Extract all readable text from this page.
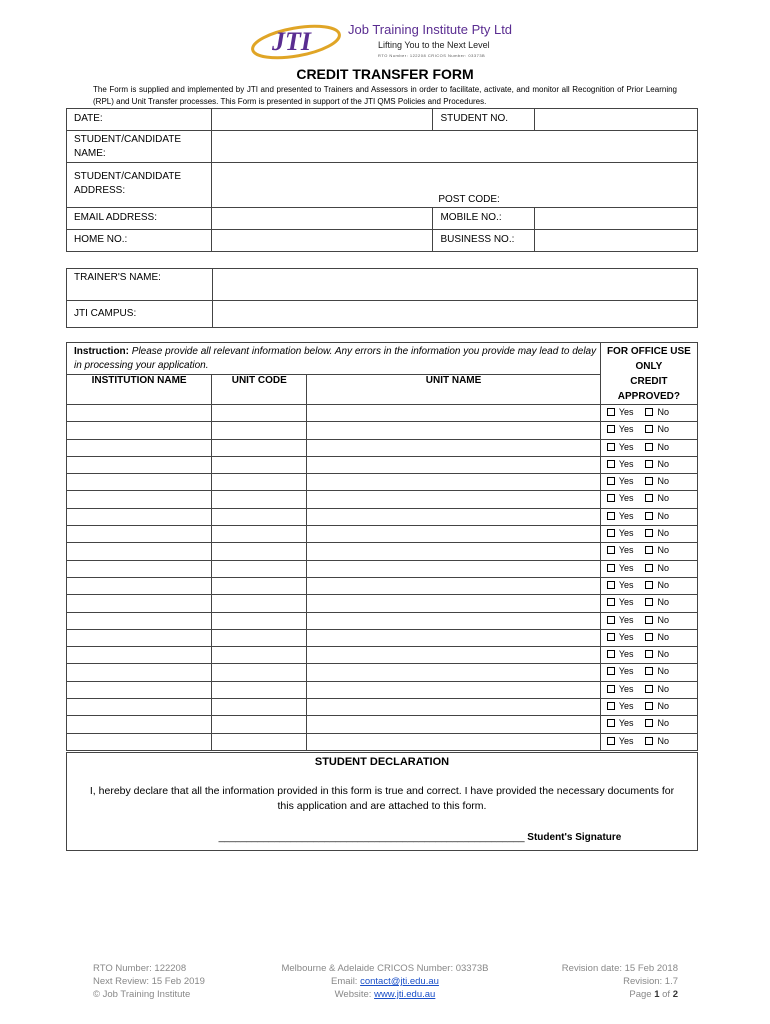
JTI	Job Training Institute Pty Ltd
Lifting You to the Next Level
RTO Number: 122208 CRICOS Number: 03373B
CREDIT TRANSFER FORM
The Form is supplied and implemented by JTI and presented to Trainers and Assessors in order to facilitate, activate, and monitor all Recognition of Prior Learning (RPL) and Unit Transfer processes. This Form is presented in support of the JTI QMS Policies and Procedures.
DATE:		STUDENT NO.	
STUDENT/CANDIDATE NAME:			
STUDENT/CANDIDATE ADDRESS:	POST CODE:		

EMAIL ADDRESS:		MOBILE NO.:	
HOME NO.:		BUSINESS NO.:	
TRAINER'S NAME:	
JTI CAMPUS:	
Instruction: Please provide all relevant information below. Any errors in the information you provide may lead to delay in processing your application.			FOR OFFICE USE ONLY
CREDIT APPROVED?

INSTITUTION NAME	UNIT CODE	UNIT NAME	

			Yes No

			Yes No

			Yes No

			Yes No

			Yes No

			Yes No

			Yes No

			Yes No

			Yes No

			Yes No

			Yes No

			Yes No

			Yes No

			Yes No

			Yes No

			Yes No

			Yes No

			Yes No

			Yes No

			Yes No
STUDENT DECLARATION
I, hereby declare that all the information provided in this form is true and correct. I have provided the necessary documents for this application and are attached to this form.
_______________________________________________________ Student's Signature
RTO Number: 122208
Next Review: 15 Feb 2019
© Job Training Institute
Melbourne & Adelaide CRICOS Number: 03373B
Email: contact@jti.edu.au
Website: www.jti.edu.au
Revision date: 15 Feb 2018
Revision: 1.7
Page 1 of 2
